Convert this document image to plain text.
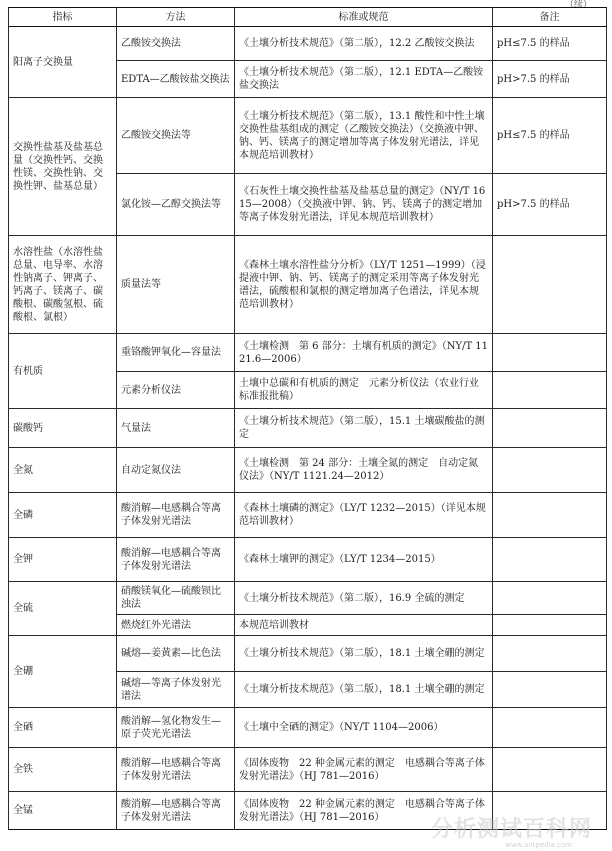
（续）
指标	方法	标准或规范	备注
阳离子交换量	乙酸铵交换法	《土壤分析技术规范》（第二版），12.2 乙酸铵交换法	pH≤7.5 的样品
	EDTA—乙酸铵盐交换法	《土壤分析技术规范》（第二版），12.1 EDTA—乙酸铵盐交换法	pH>7.5 的样品
交换性盐基及盐基总量（交换性钙、交换性镁、交换性钠、交换性钾、盐基总量）	乙酸铵交换法等	《土壤分析技术规范》（第二版），13.1 酸性和中性土壤交换性盐基组成的测定（乙酸铵交换法）（交换液中钾、钠、钙、镁离子的测定增加等离子体发射光谱法，详见本规范培训教材）	pH≤7.5 的样品
	氯化铵—乙醇交换法等	《石灰性土壤交换性盐基及盐基总量的测定》（NY/T 1615—2008）（交换液中钾、钠、钙、镁离子的测定增加等离子体发射光谱法，详见本规范培训教材）	pH>7.5 的样品
水溶性盐（水溶性盐总量、电导率、水溶性钠离子、钾离子、钙离子、镁离子、碳酸根、碳酸氢根、硫酸根、氯根）	质量法等	《森林土壤水溶性盐分分析》（LY/T 1251—1999）（浸提液中钾、钠、钙、镁离子的测定采用等离子体发射光谱法，硫酸根和氯根的测定增加离子色谱法，详见本规范培训教材）	
有机质	重铬酸钾氧化—容量法	《土壤检测　第 6 部分：土壤有机质的测定》（NY/T 1121.6—2006）	
	元素分析仪法	土壤中总碳和有机质的测定　元素分析仪法（农业行业标准报批稿）	
碳酸钙	气量法	《土壤分析技术规范》（第二版），15.1 土壤碳酸盐的测定	
全氮	自动定氮仪法	《土壤检测　第 24 部分：土壤全氮的测定　自动定氮仪法》（NY/T 1121.24—2012）	
全磷	酸消解—电感耦合等离子体发射光谱法	《森林土壤磷的测定》（LY/T 1232—2015）（详见本规范培训教材）	
全钾	酸消解—电感耦合等离子体发射光谱法	《森林土壤钾的测定》（LY/T 1234—2015）	
全硫	硝酸镁氧化—硫酸钡比浊法	《土壤分析技术规范》（第二版），16.9 全硫的测定	
	燃烧红外光谱法	本规范培训教材	
全硼	碱熔—姜黄素—比色法	《土壤分析技术规范》（第二版），18.1 土壤全硼的测定	
	碱熔—等离子体发射光谱法	《土壤分析技术规范》（第二版），18.1 土壤全硼的测定	
全硒	酸消解—氢化物发生—原子荧光光谱法	《土壤中全硒的测定》（NY/T 1104—2006）	
全铁	酸消解—电感耦合等离子体发射光谱法	《固体废物　22 种金属元素的测定　电感耦合等离子体发射光谱法》（HJ 781—2016）	
全锰	酸消解—电感耦合等离子体发射光谱法	《固体废物　22 种金属元素的测定　电感耦合等离子体发射光谱法》（HJ 781—2016）	分析测试百科网
www.antpedia.com
